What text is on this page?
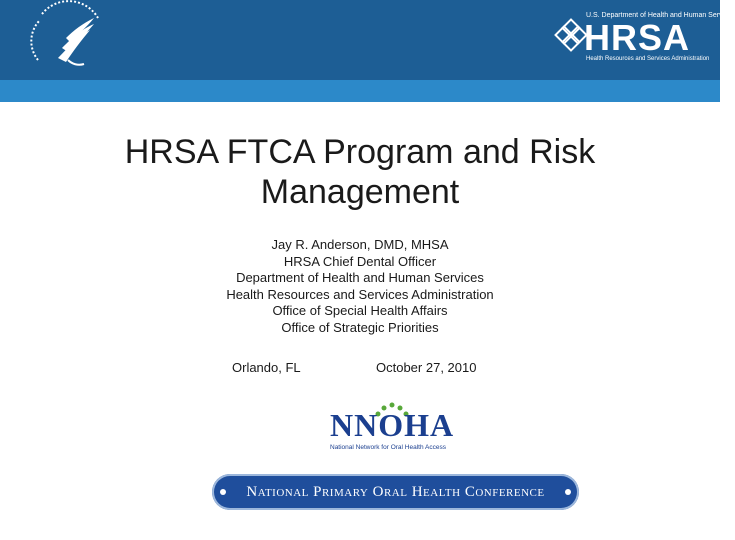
U.S. Department of Health and Human Services
HRSA
Health Resources and Services Administration
HRSA FTCA Program and Risk
Management
Jay R. Anderson, DMD, MHSA
HRSA Chief Dental Officer
Department of Health and Human Services
Health Resources and Services Administration
Office of Special Health Affairs
Office of Strategic Priorities
Orlando, FL	October 27, 2010
NNOHA
National Network for Oral Health Access
National Primary Oral Health Conference
